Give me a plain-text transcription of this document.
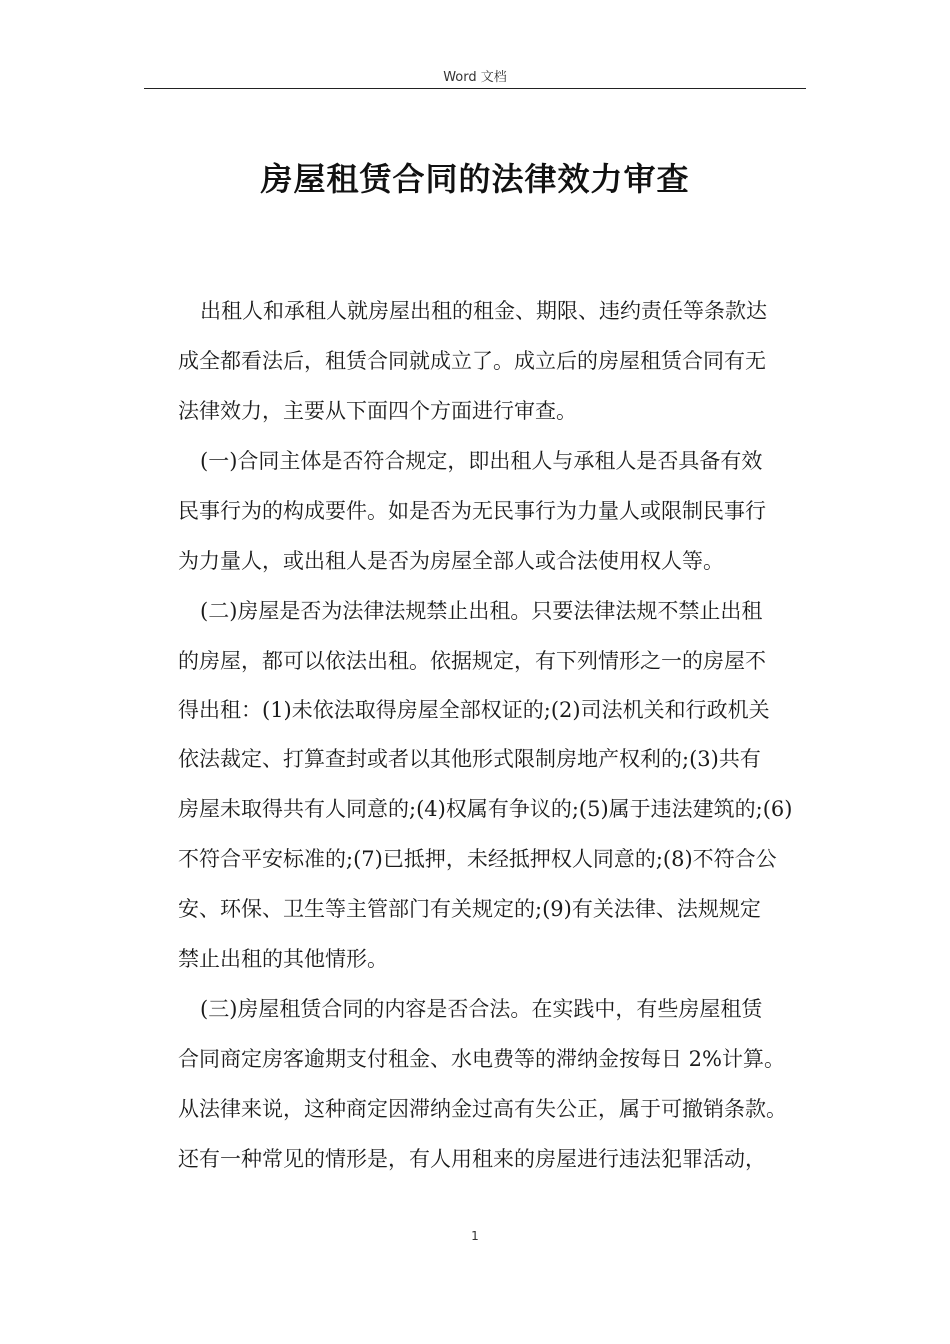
Word 文档
房屋租赁合同的法律效力审查
出租人和承租人就房屋出租的租金、期限、违约责任等条款达
成全都看法后，租赁合同就成立了。成立后的房屋租赁合同有无
法律效力，主要从下面四个方面进行审查。
(一)合同主体是否符合规定，即出租人与承租人是否具备有效
民事行为的构成要件。如是否为无民事行为力量人或限制民事行
为力量人，或出租人是否为房屋全部人或合法使用权人等。
(二)房屋是否为法律法规禁止出租。只要法律法规不禁止出租
的房屋，都可以依法出租。依据规定，有下列情形之一的房屋不
得出租：(1)未依法取得房屋全部权证的;(2)司法机关和行政机关
依法裁定、打算查封或者以其他形式限制房地产权利的;(3)共有
房屋未取得共有人同意的;(4)权属有争议的;(5)属于违法建筑的;(6)
不符合平安标准的;(7)已抵押，未经抵押权人同意的;(8)不符合公
安、环保、卫生等主管部门有关规定的;(9)有关法律、法规规定
禁止出租的其他情形。
(三)房屋租赁合同的内容是否合法。在实践中，有些房屋租赁
合同商定房客逾期支付租金、水电费等的滞纳金按每日 2%计算。
从法律来说，这种商定因滞纳金过高有失公正，属于可撤销条款。
还有一种常见的情形是，有人用租来的房屋进行违法犯罪活动，
1
